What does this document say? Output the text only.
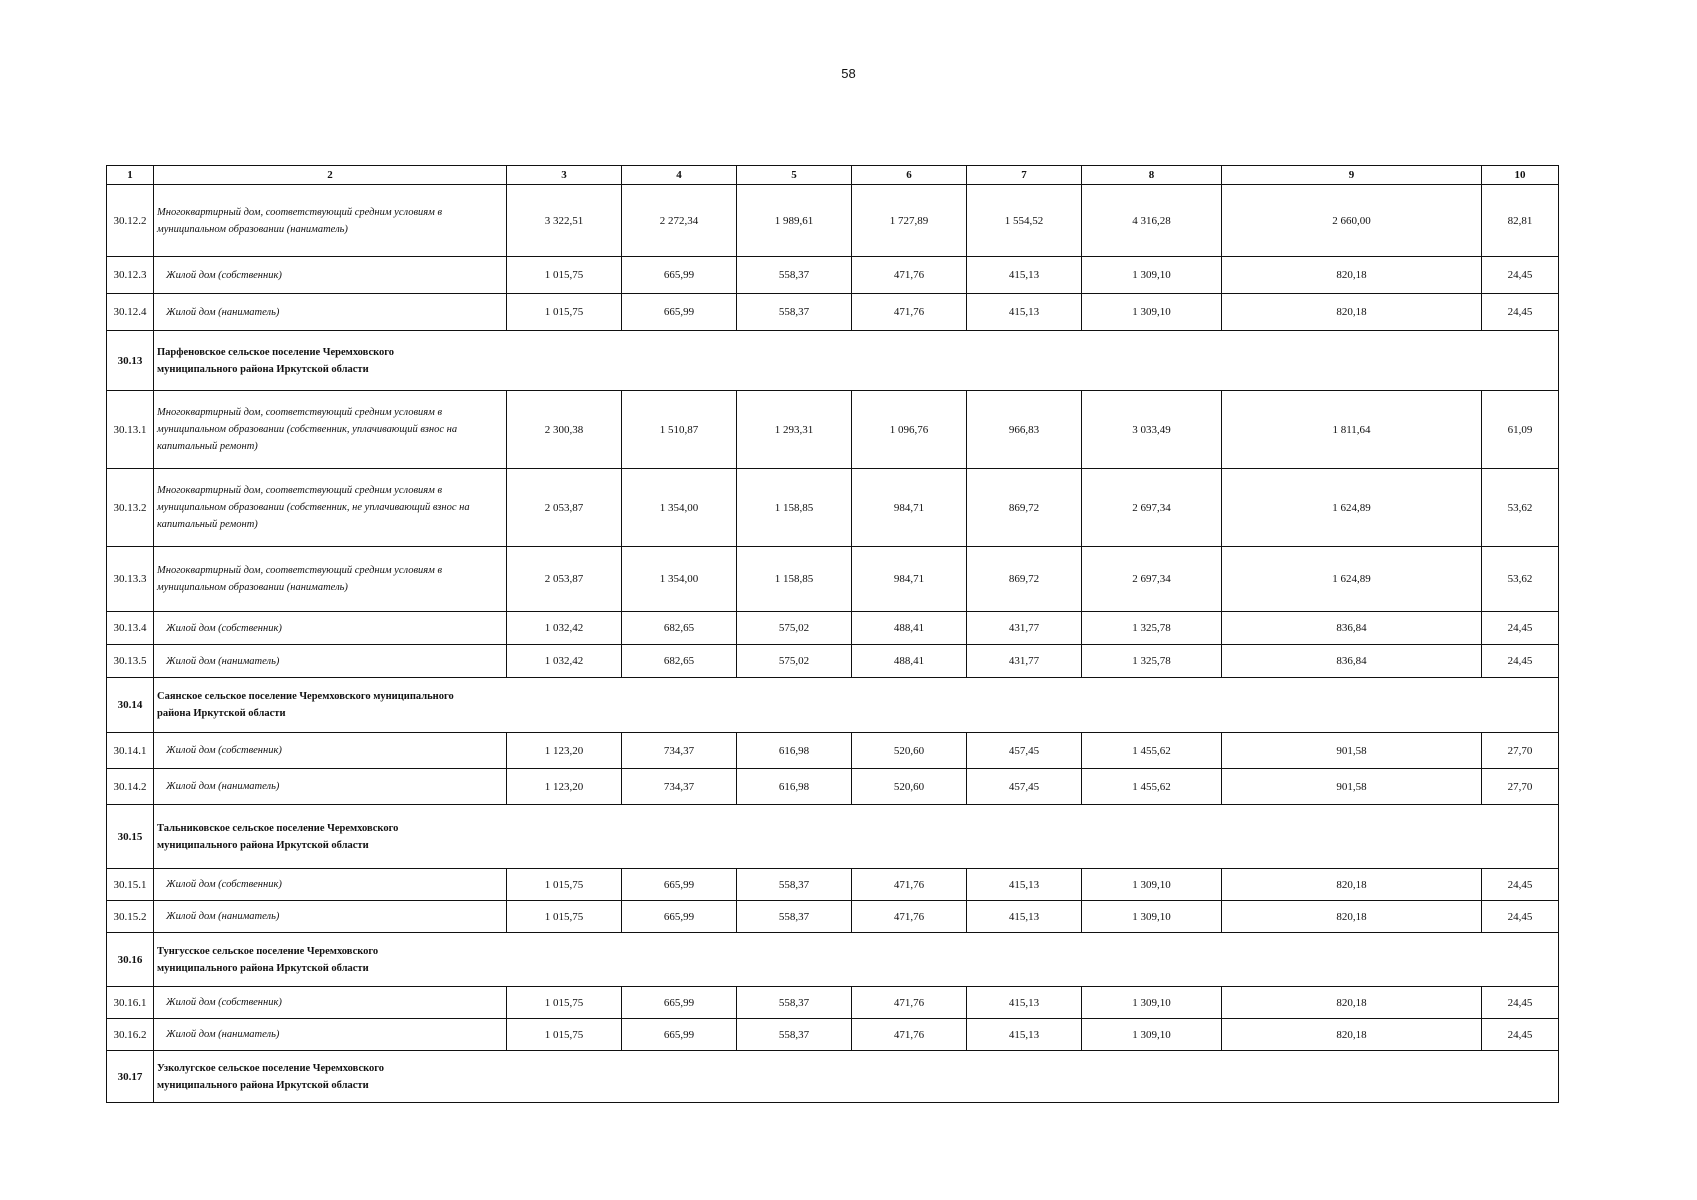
58
1	2	3	4	5	6	7	8	9	10
30.12.2	Многоквартирный дом, соответствующий средним условиям в муниципальном образовании (наниматель)	3 322,51	2 272,34	1 989,61	1 727,89	1 554,52	4 316,28	2 660,00	82,81
30.12.3	Жилой дом (собственник)	1 015,75	665,99	558,37	471,76	415,13	1 309,10	820,18	24,45
30.12.4	Жилой дом (наниматель)	1 015,75	665,99	558,37	471,76	415,13	1 309,10	820,18	24,45
30.13	Парфеновское сельское поселение Черемховского муниципального района Иркутской области								

30.13.1	Многоквартирный дом, соответствующий средним условиям в муниципальном образовании (собственник, уплачивающий взнос на капитальный ремонт)	2 300,38	1 510,87	1 293,31	1 096,76	966,83	3 033,49	1 811,64	61,09
30.13.2	Многоквартирный дом, соответствующий средним условиям в муниципальном образовании (собственник, не уплачивающий взнос на капитальный ремонт)	2 053,87	1 354,00	1 158,85	984,71	869,72	2 697,34	1 624,89	53,62
30.13.3	Многоквартирный дом, соответствующий средним условиям в муниципальном образовании (наниматель)	2 053,87	1 354,00	1 158,85	984,71	869,72	2 697,34	1 624,89	53,62
30.13.4	Жилой дом (собственник)	1 032,42	682,65	575,02	488,41	431,77	1 325,78	836,84	24,45
30.13.5	Жилой дом (наниматель)	1 032,42	682,65	575,02	488,41	431,77	1 325,78	836,84	24,45
30.14	Саянское сельское поселение Черемховского муниципального района Иркутской области								

30.14.1	Жилой дом (собственник)	1 123,20	734,37	616,98	520,60	457,45	1 455,62	901,58	27,70
30.14.2	Жилой дом (наниматель)	1 123,20	734,37	616,98	520,60	457,45	1 455,62	901,58	27,70
30.15	Тальниковское сельское поселение Черемховского муниципального района Иркутской области								

30.15.1	Жилой дом (собственник)	1 015,75	665,99	558,37	471,76	415,13	1 309,10	820,18	24,45
30.15.2	Жилой дом (наниматель)	1 015,75	665,99	558,37	471,76	415,13	1 309,10	820,18	24,45
30.16	Тунгусское сельское поселение Черемховского муниципального района Иркутской области								

30.16.1	Жилой дом (собственник)	1 015,75	665,99	558,37	471,76	415,13	1 309,10	820,18	24,45
30.16.2	Жилой дом (наниматель)	1 015,75	665,99	558,37	471,76	415,13	1 309,10	820,18	24,45
30.17	Узколугское сельское поселение Черемховского муниципального района Иркутской области								
